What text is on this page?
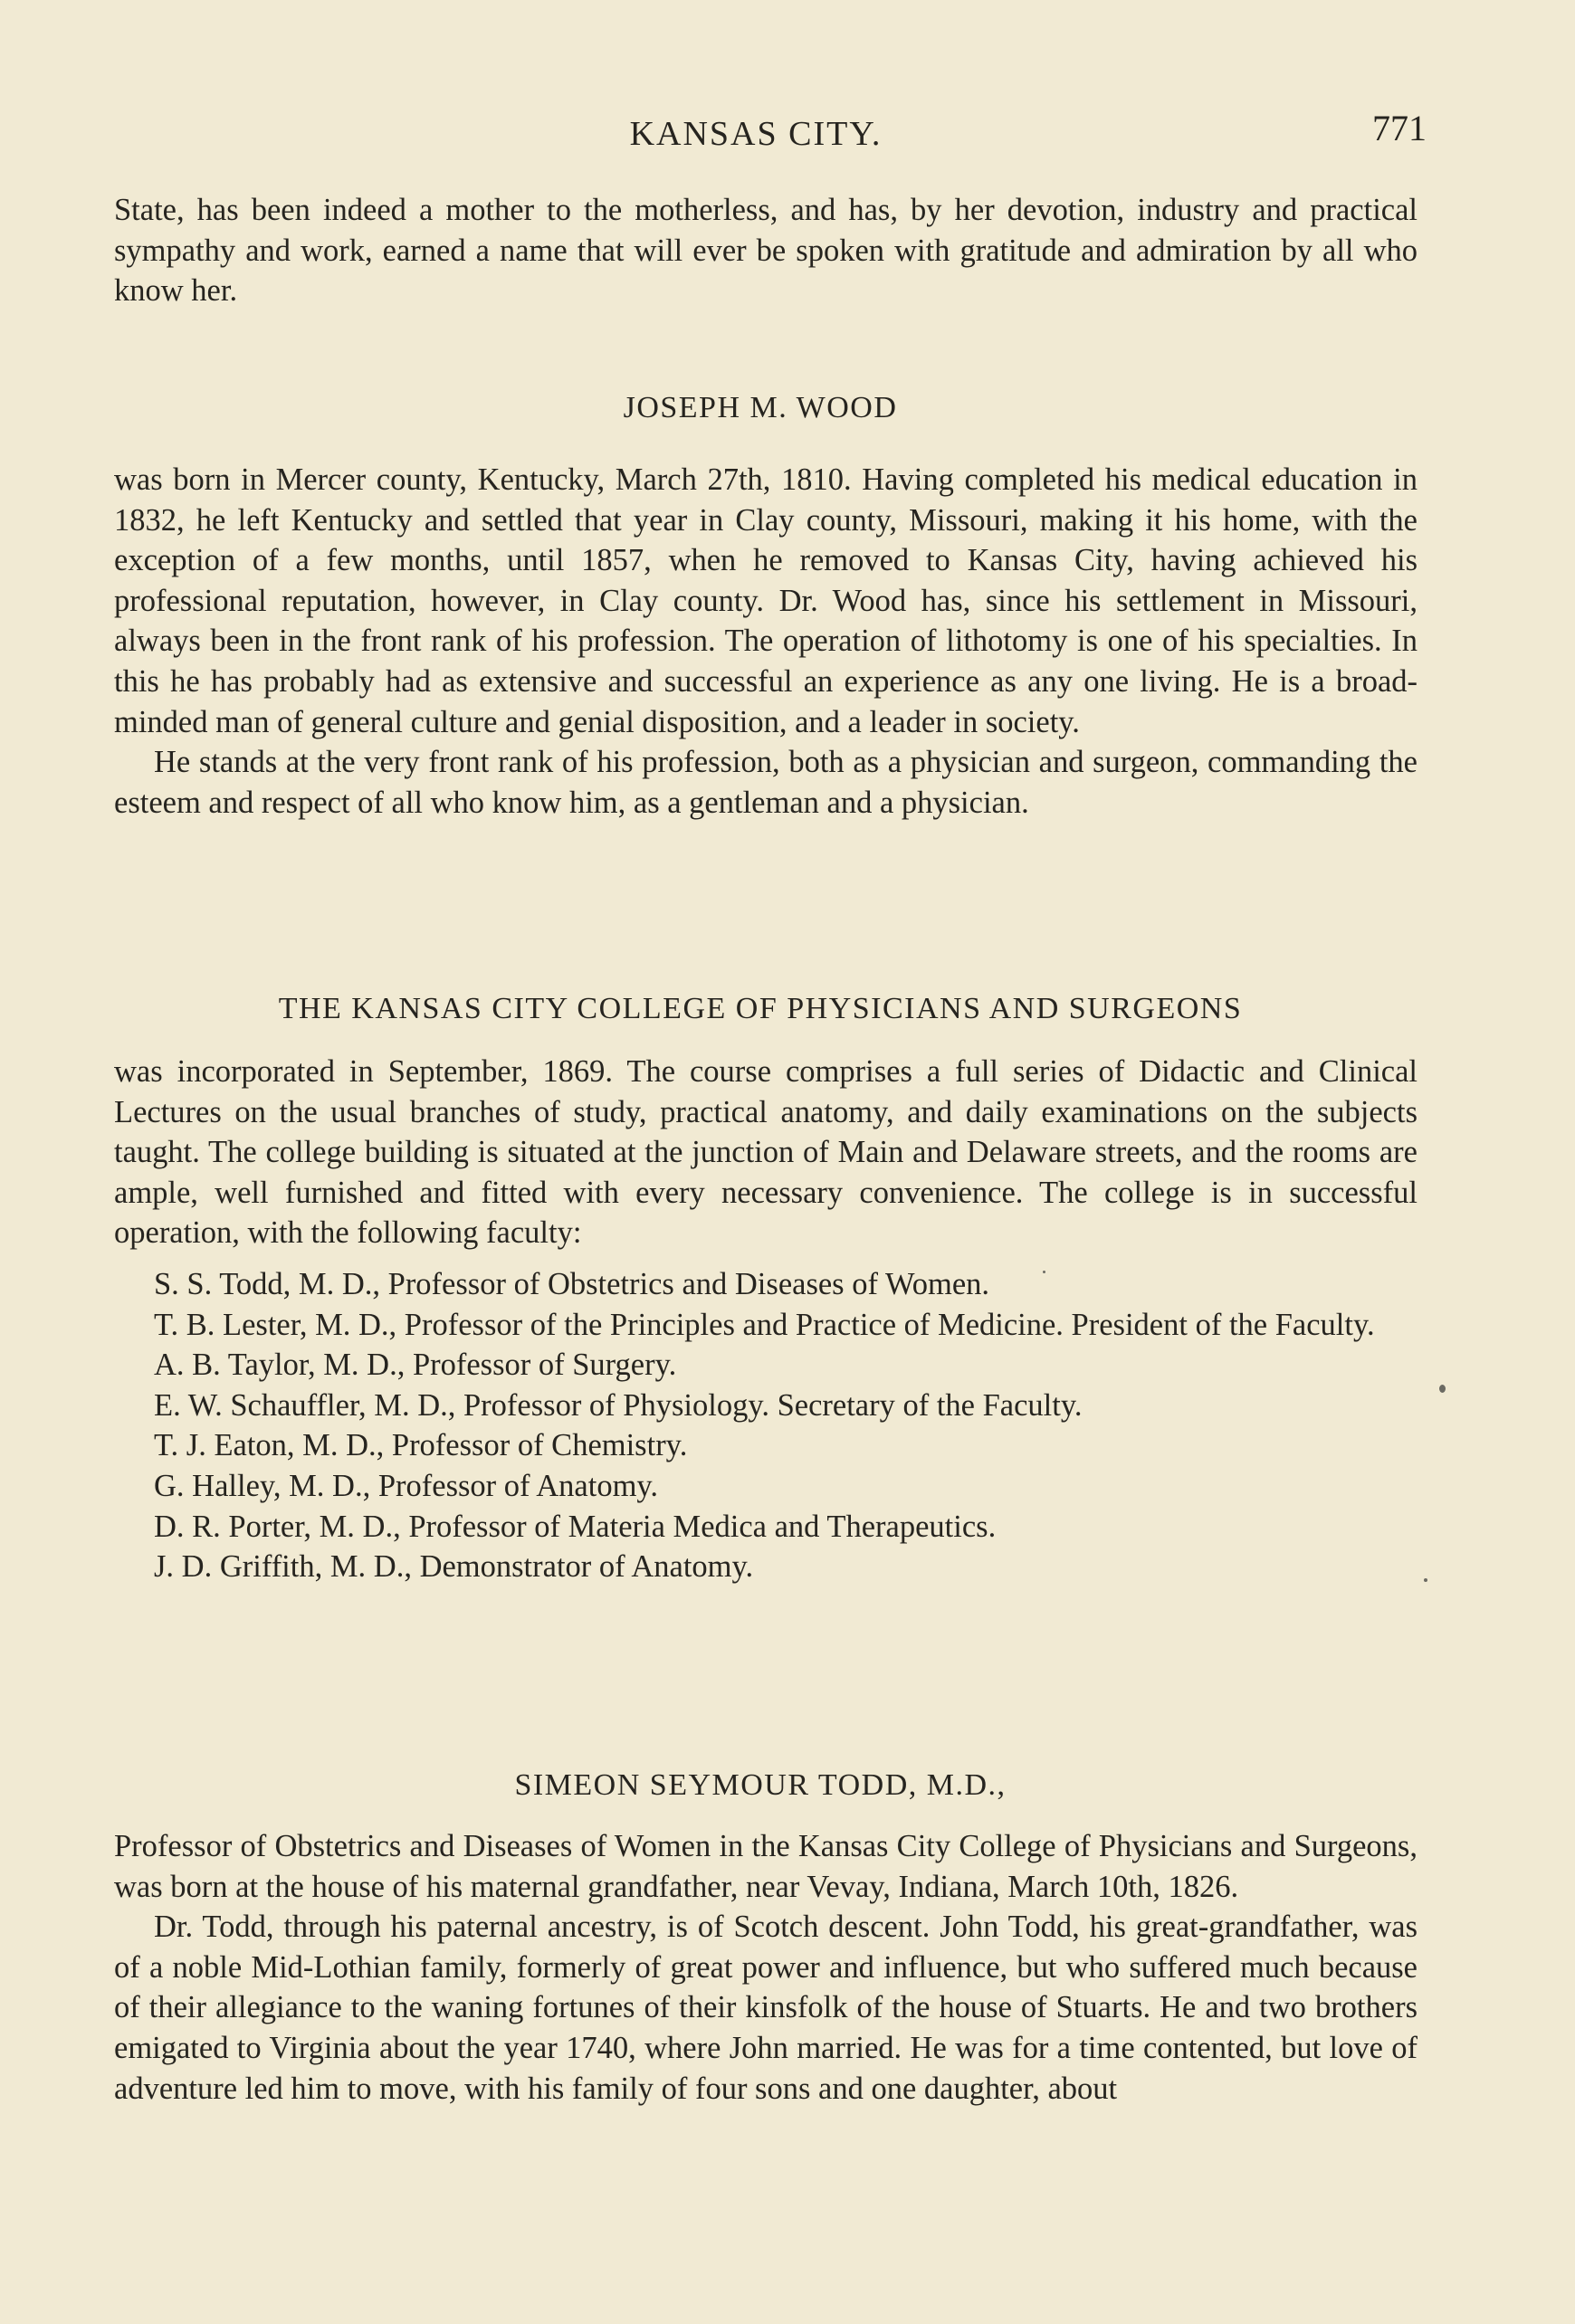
KANSAS CITY.	771

State, has been indeed a mother to the motherless, and has, by her devotion, industry and practical sympathy and work, earned a name that will ever be spoken with gratitude and admiration by all who know her.

JOSEPH M. WOOD

was born in Mercer county, Kentucky, March 27th, 1810. Having completed his medical education in 1832, he left Kentucky and settled that year in Clay county, Missouri, making it his home, with the exception of a few months, until 1857, when he removed to Kansas City, having achieved his professional reputation, however, in Clay county. Dr. Wood has, since his settlement in Missouri, always been in the front rank of his profession. The operation of lithotomy is one of his specialties. In this he has probably had as extensive and successful an experience as any one living. He is a broad-minded man of general culture and genial disposition, and a leader in society.

He stands at the very front rank of his profession, both as a physician and surgeon, commanding the esteem and respect of all who know him, as a gentleman and a physician.

THE KANSAS CITY COLLEGE OF PHYSICIANS AND SURGEONS

was incorporated in September, 1869. The course comprises a full series of Didactic and Clinical Lectures on the usual branches of study, practical anatomy, and daily examinations on the subjects taught. The college building is situated at the junction of Main and Delaware streets, and the rooms are ample, well furnished and fitted with every necessary convenience. The college is in successful operation, with the following faculty:

S. S. Todd, M. D., Professor of Obstetrics and Diseases of Women.
T. B. Lester, M. D., Professor of the Principles and Practice of Medicine. President of the Faculty.
A. B. Taylor, M. D., Professor of Surgery.
E. W. Schauffler, M. D., Professor of Physiology. Secretary of the Faculty.
T. J. Eaton, M. D., Professor of Chemistry.
G. Halley, M. D., Professor of Anatomy.
D. R. Porter, M. D., Professor of Materia Medica and Therapeutics.
J. D. Griffith, M. D., Demonstrator of Anatomy.
SIMEON SEYMOUR TODD, M.D.,

Professor of Obstetrics and Diseases of Women in the Kansas City College of Physicians and Surgeons, was born at the house of his maternal grandfather, near Vevay, Indiana, March 10th, 1826.

Dr. Todd, through his paternal ancestry, is of Scotch descent. John Todd, his great-grandfather, was of a noble Mid-Lothian family, formerly of great power and influence, but who suffered much because of their allegiance to the waning fortunes of their kinsfolk of the house of Stuarts. He and two brothers emigated to Virginia about the year 1740, where John married. He was for a time contented, but love of adventure led him to move, with his family of four sons and one daughter, about
